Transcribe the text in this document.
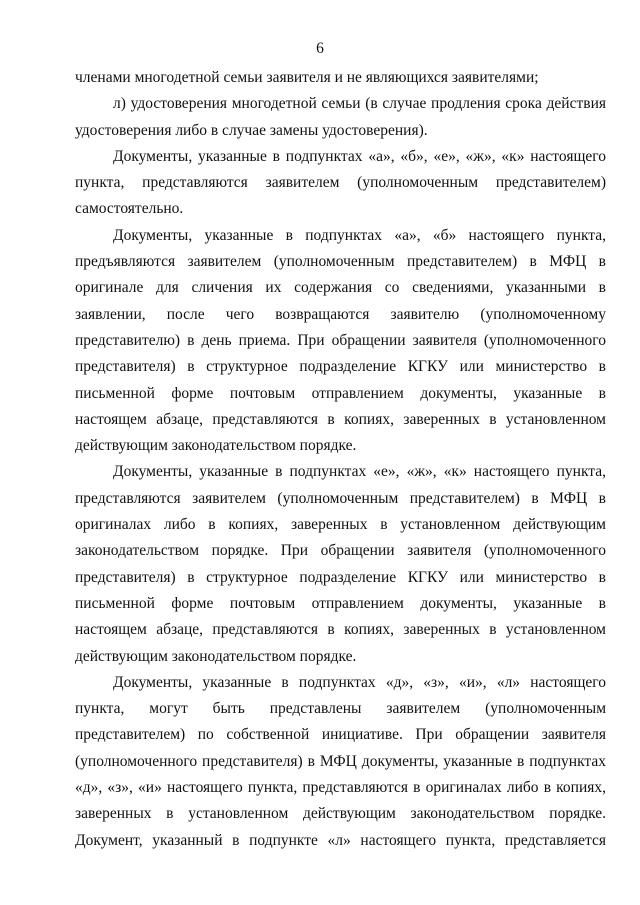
6

членами многодетной семьи заявителя и не являющихся заявителями;

л) удостоверения многодетной семьи (в случае продления срока действия удостоверения либо в случае замены удостоверения).

Документы, указанные в подпунктах «а», «б», «е», «ж», «к» настоящего пункта, представляются заявителем (уполномоченным представителем) самостоятельно.

Документы, указанные в подпунктах «а», «б» настоящего пункта, предъявляются заявителем (уполномоченным представителем) в МФЦ в оригинале для сличения их содержания со сведениями, указанными в заявлении, после чего возвращаются заявителю (уполномоченному представителю) в день приема. При обращении заявителя (уполномоченного представителя) в структурное подразделение КГКУ или министерство в письменной форме почтовым отправлением документы, указанные в настоящем абзаце, представляются в копиях, заверенных в установленном действующим законодательством порядке.

Документы, указанные в подпунктах «е», «ж», «к» настоящего пункта, представляются заявителем (уполномоченным представителем) в МФЦ в оригиналах либо в копиях, заверенных в установленном действующим законодательством порядке. При обращении заявителя (уполномоченного представителя) в структурное подразделение КГКУ или министерство в письменной форме почтовым отправлением документы, указанные в настоящем абзаце, представляются в копиях, заверенных в установленном действующим законодательством порядке.

Документы, указанные в подпунктах «д», «з», «и», «л» настоящего пункта, могут быть представлены заявителем (уполномоченным представителем) по собственной инициативе. При обращении заявителя (уполномоченного представителя) в МФЦ документы, указанные в подпунктах «д», «з», «и» настоящего пункта, представляются в оригиналах либо в копиях, заверенных в установленном действующим законодательством порядке. Документ, указанный в подпункте «л» настоящего пункта, представляется
